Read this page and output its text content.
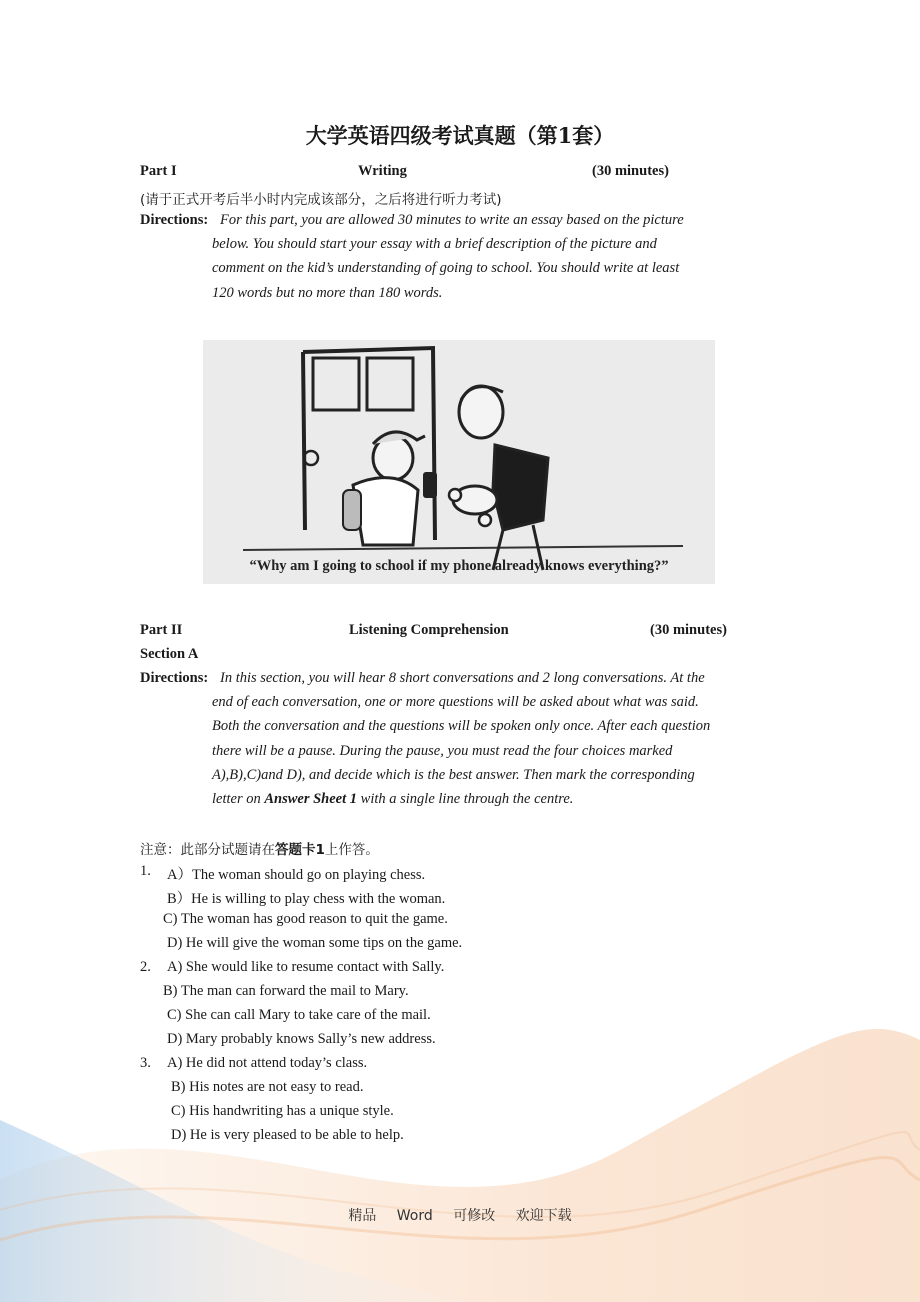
大学英语四级考试真题（第1套）
Part I	Writing	(30 minutes)
(请于正式开考后半小时内完成该部分，之后将进行听力考试)
Directions: For this part, you are allowed 30 minutes to write an essay based on the picture
below. You should start your essay with a brief description of the picture and
comment on the kid’s understanding of going to school. You should write at least
120 words but no more than 180 words.
“Why am I going to school if my phone already knows everything?”
Part II	Listening Comprehension	(30 minutes)
Section A
Directions: In this section, you will hear 8 short conversations and 2 long conversations. At the
end of each conversation, one or more questions will be asked about what was said.
Both the conversation and the questions will be spoken only once. After each question
there will be a pause. During the pause, you must read the four choices marked
A),B),C)and D), and decide which is the best answer. Then mark the corresponding
letter on Answer Sheet 1 with a single line through the centre.
注意：此部分试题请在答题卡1上作答。
1. A）The woman should go on playing chess.
B）He is willing to play chess with the woman.
C) The woman has good reason to quit the game.
D) He will give the woman some tips on the game.
2. A) She would like to resume contact with Sally.
B) The man can forward the mail to Mary.
C) She can call Mary to take care of the mail.
D) Mary probably knows Sally’s new address.
3. A) He did not attend today’s class.
B) His notes are not easy to read.
C) His handwriting has a unique style.
D) He is very pleased to be able to help.
精品 Word 可修改 欢迎下载
